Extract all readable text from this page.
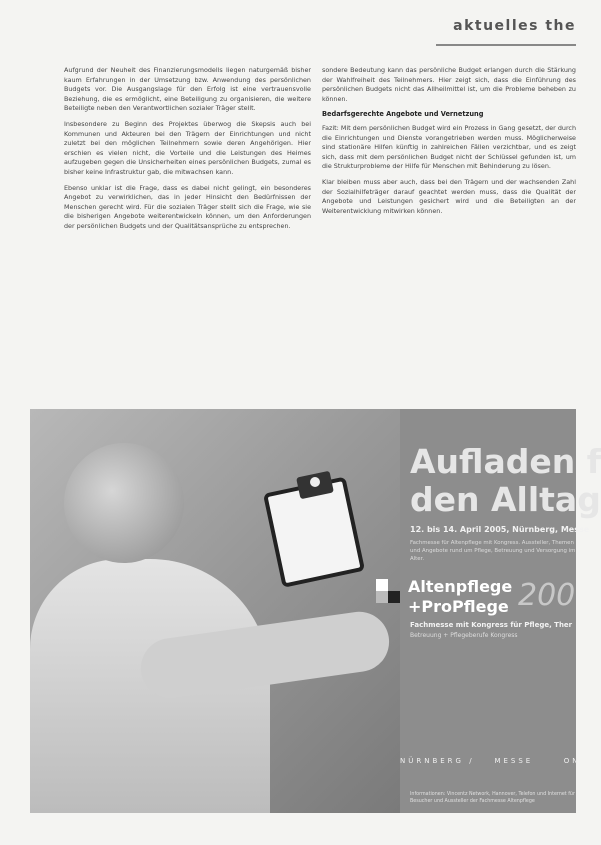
aktuelles the

Aufgrund der Neuheit des Finanzierungsmodells liegen naturgemäß bisher kaum Erfahrungen in der Umsetzung bzw. Anwendung des persönlichen Budgets vor. Die Ausgangslage für den Erfolg ist eine vertrauensvolle Beziehung, die es ermöglicht, eine Beteiligung zu organisieren, die weitere Beteiligte neben den Verantwortlichen sozialer Träger stellt.

Insbesondere zu Beginn des Projektes überwog die Skepsis auch bei Kommunen und Akteuren bei den Trägern der Einrichtungen und nicht zuletzt bei den möglichen Teilnehmern sowie deren Angehörigen. Hier erschien es vielen nicht, die Vorteile und die Leistungen des Heimes aufzugeben gegen die Unsicherheiten eines persönlichen Budgets, zumal es bisher keine Infrastruktur gab, die mitwachsen kann.

Ebenso unklar ist die Frage, dass es dabei nicht gelingt, ein besonderes Angebot zu verwirklichen, das in jeder Hinsicht den Bedürfnissen der Menschen gerecht wird. Für die sozialen Träger stellt sich die Frage, wie sie die bisherigen Angebote weiterentwickeln können, um den Anforderungen der persönlichen Budgets und der Qualitätsansprüche zu entsprechen.

sondere Bedeutung kann das persönliche Budget erlangen durch die Stärkung der Wahlfreiheit des Teilnehmers. Hier zeigt sich, dass die Einführung des persönlichen Budgets nicht das Allheilmittel ist, um die Probleme beheben zu können.

Bedarfsgerechte Angebote und Vernetzung

Fazit: Mit dem persönlichen Budget wird ein Prozess in Gang gesetzt, der durch die Einrichtungen und Dienste vorangetrieben werden muss. Möglicherweise sind stationäre Hilfen künftig in zahlreichen Fällen verzichtbar, und es zeigt sich, dass mit dem persönlichen Budget nicht der Schlüssel gefunden ist, um die Strukturprobleme der Hilfe für Menschen mit Behinderung zu lösen.

Klar bleiben muss aber auch, dass bei den Trägern und der wachsenden Zahl der Sozialhilfeträger darauf geachtet werden muss, dass die Qualität der Angebote und Leistungen gesichert wird und die Beteiligten an der Weiterentwicklung mitwirken können.

Aufladen f
den Alltag
12. bis 14. April 2005, Nürnberg, Messe
Fachmesse für Altenpflege mit Kongress. Aussteller, Themen und Angebote rund um Pflege, Betreuung und Versorgung im Alter.
Altenpflege
+ProPflege 200
Fachmesse mit Kongress für Pflege, Ther
Betreuung + Pflegeberufe Kongress
NÜRNBERG /	MESSE	ON
Informationen: Vincentz Network, Hannover, Telefon und Internet für Besucher und Aussteller der Fachmesse Altenpflege
